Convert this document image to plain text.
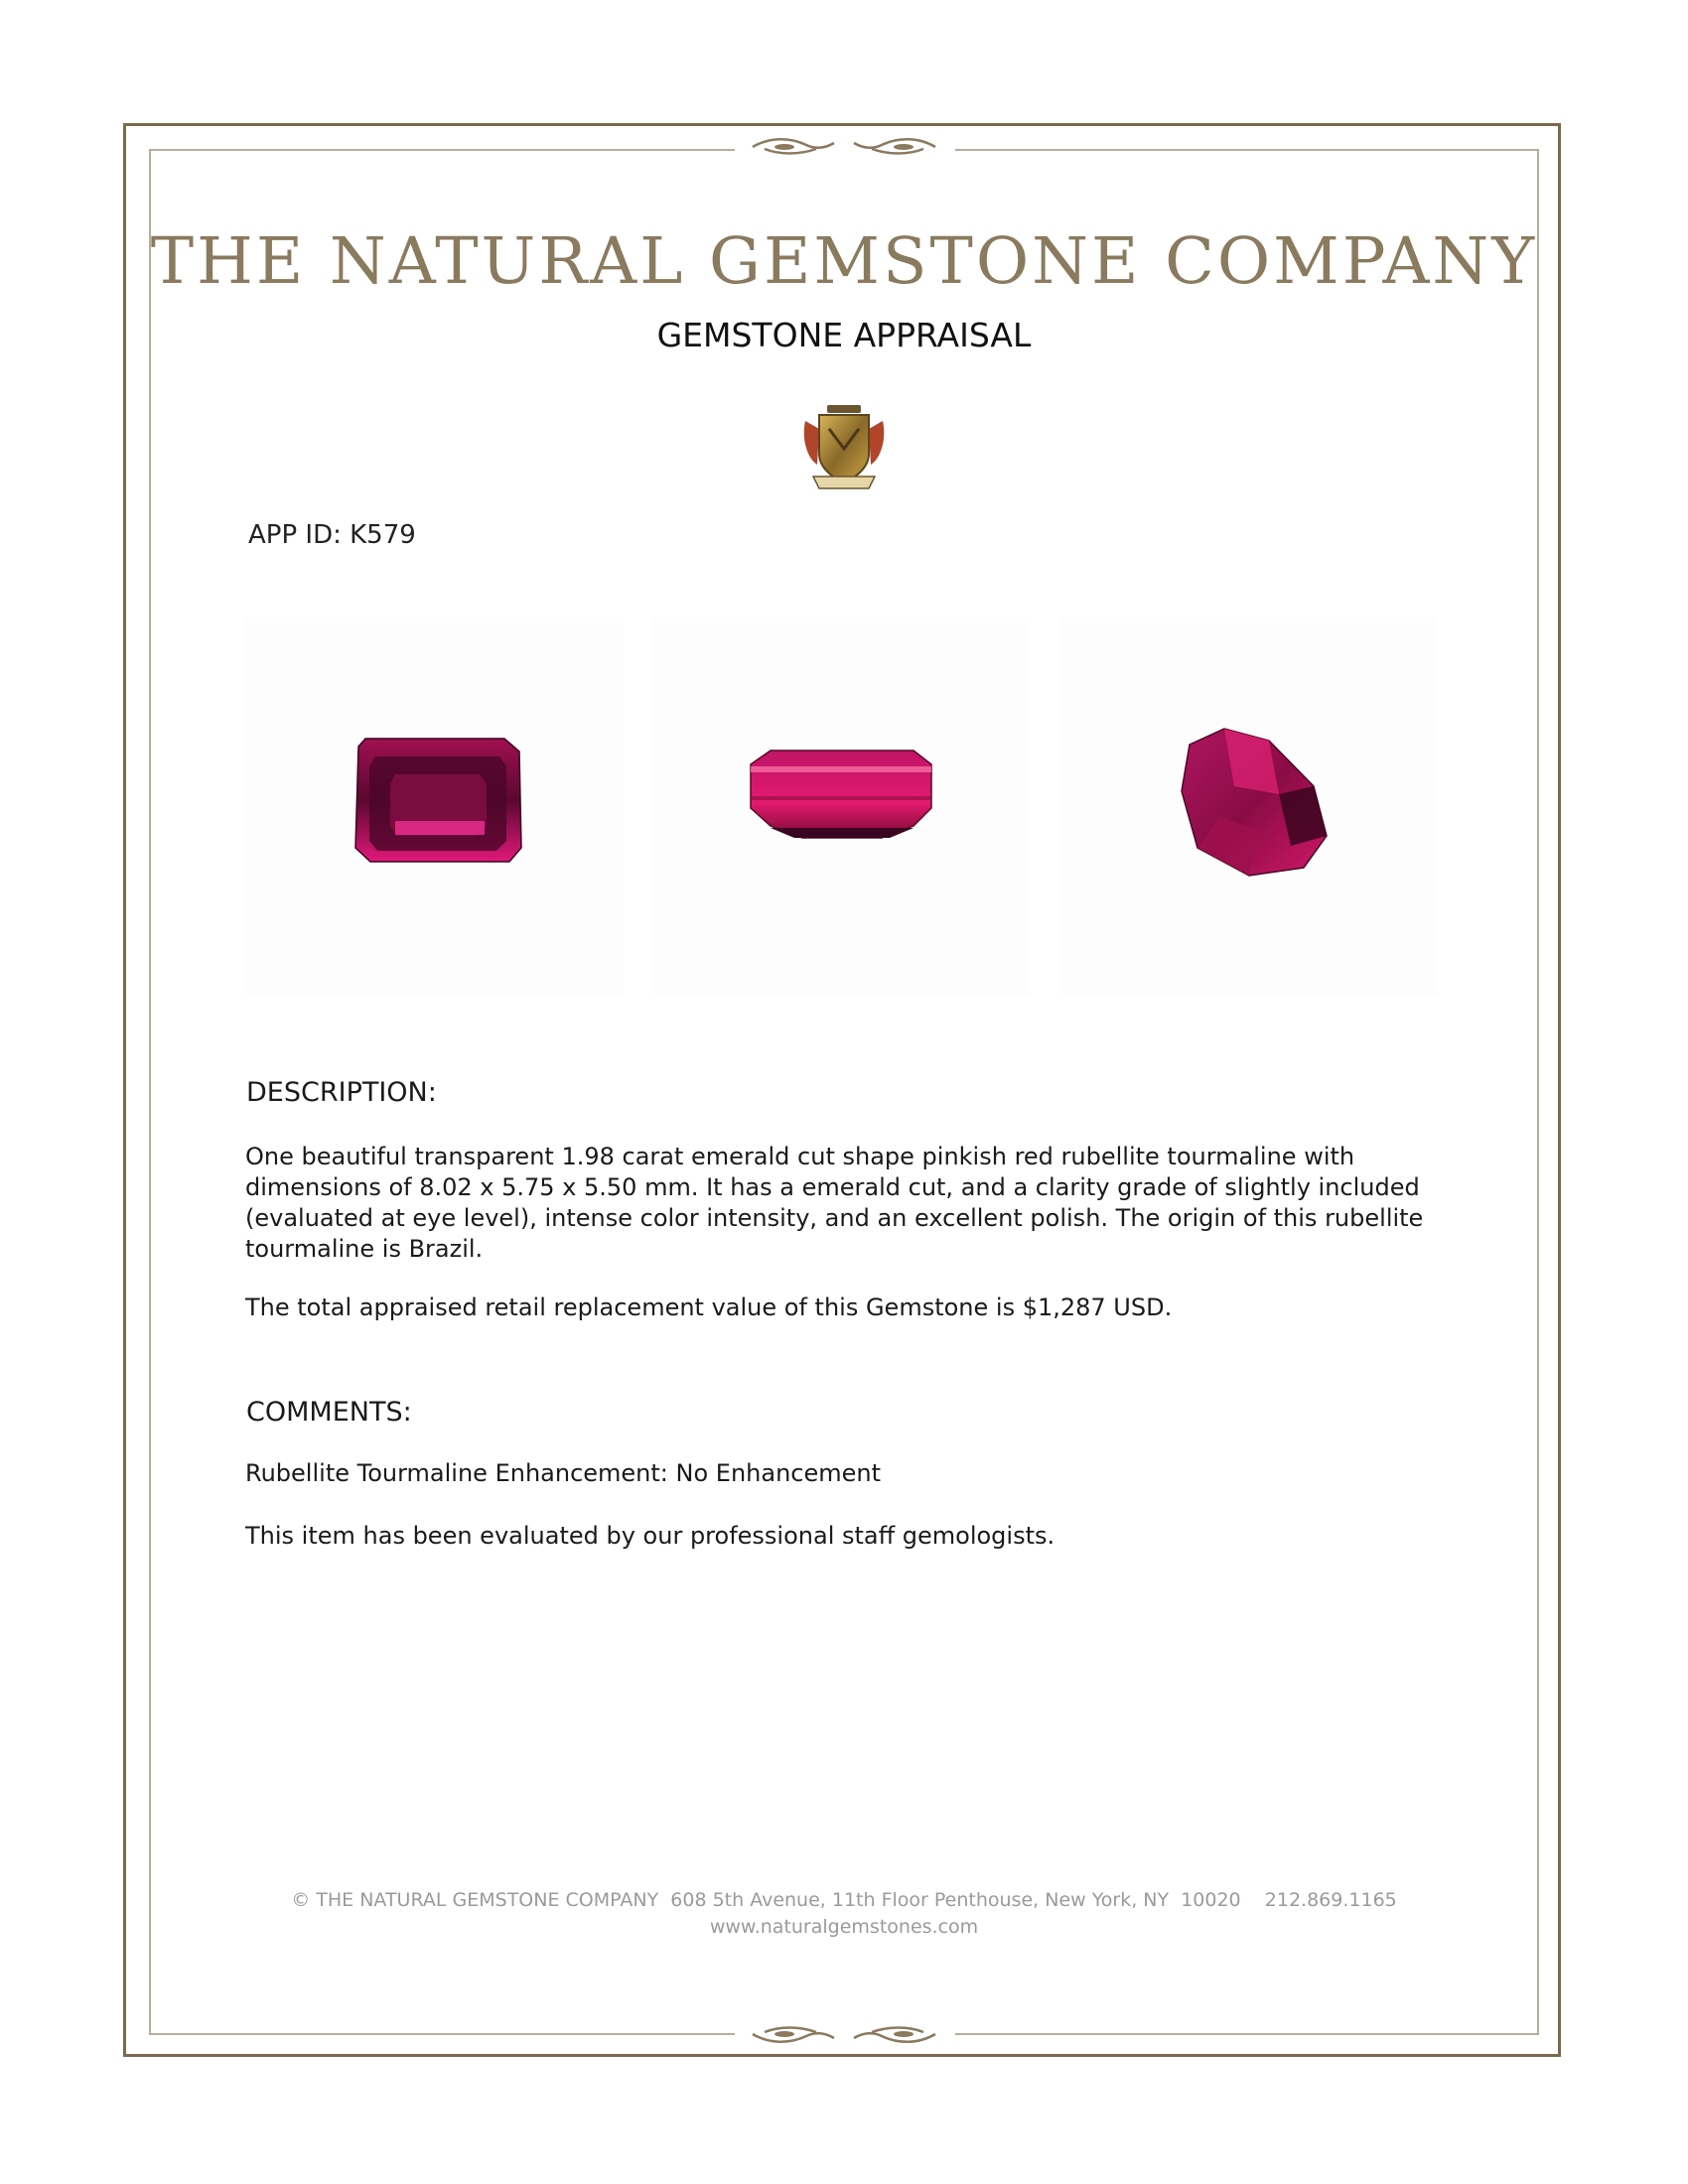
THE NATURAL GEMSTONE COMPANY
GEMSTONE APPRAISAL
APP ID: K579
DESCRIPTION:

One beautiful transparent 1.98 carat emerald cut shape pinkish red rubellite tourmaline with dimensions of 8.02 x 5.75 x 5.50 mm. It has a emerald cut, and a clarity grade of slightly included (evaluated at eye level), intense color intensity, and an excellent polish. The origin of this rubellite tourmaline is Brazil.

The total appraised retail replacement value of this Gemstone is $1,287 USD.

COMMENTS:

Rubellite Tourmaline Enhancement: No Enhancement

This item has been evaluated by our professional staff gemologists.

© THE NATURAL GEMSTONE COMPANY  608 5th Avenue, 11th Floor Penthouse, New York, NY  10020    212.869.1165
www.naturalgemstones.com
